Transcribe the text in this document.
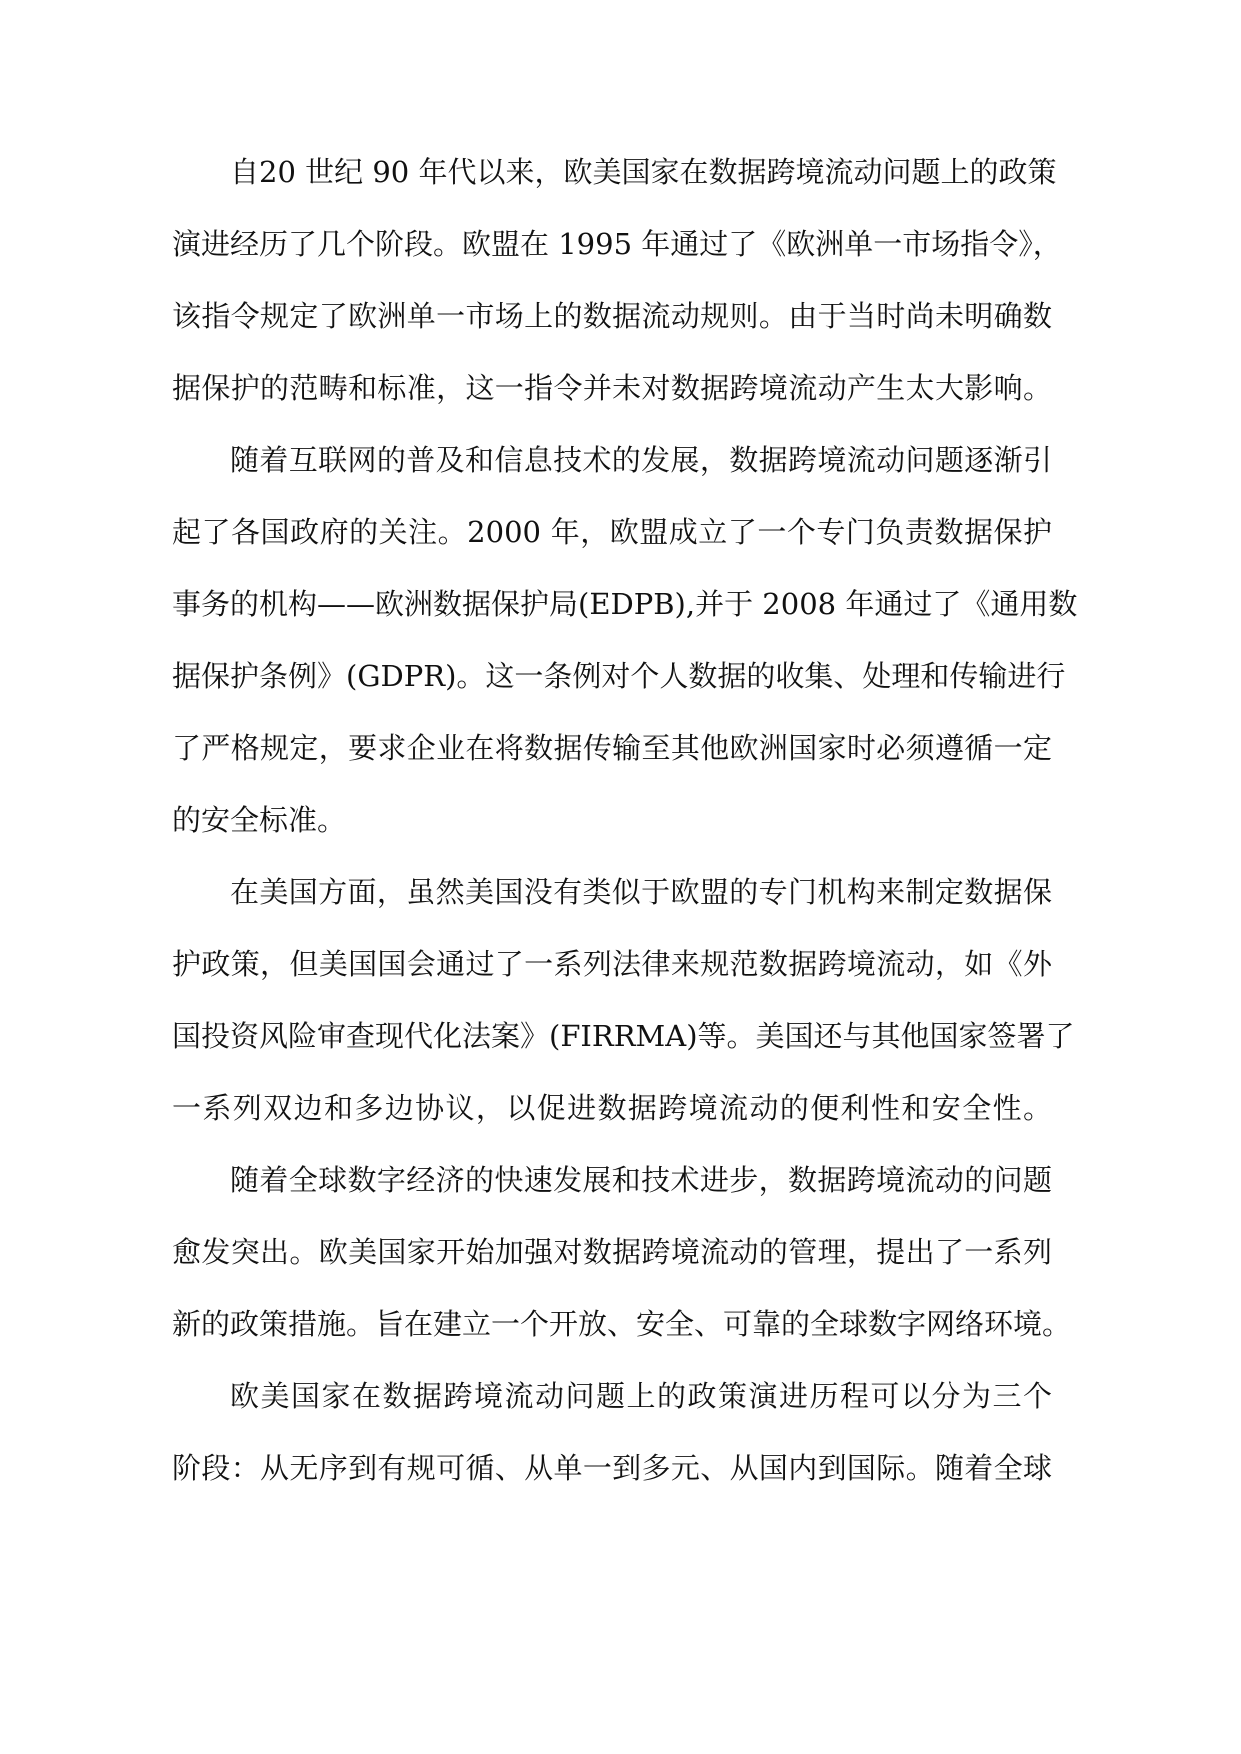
自20 世纪 90 年代以来，欧美国家在数据跨境流动问题上的政策
演进经历了几个阶段。欧盟在 1995 年通过了《欧洲单一市场指令》，
该指令规定了欧洲单一市场上的数据流动规则。由于当时尚未明确数
据保护的范畴和标准，这一指令并未对数据跨境流动产生太大影响。
随着互联网的普及和信息技术的发展，数据跨境流动问题逐渐引
起了各国政府的关注。2000 年，欧盟成立了一个专门负责数据保护
事务的机构——欧洲数据保护局(EDPB),并于 2008 年通过了《通用数
据保护条例》(GDPR)。这一条例对个人数据的收集、处理和传输进行
了严格规定，要求企业在将数据传输至其他欧洲国家时必须遵循一定
的安全标准。
在美国方面，虽然美国没有类似于欧盟的专门机构来制定数据保
护政策，但美国国会通过了一系列法律来规范数据跨境流动，如《外
国投资风险审查现代化法案》(FIRRMA)等。美国还与其他国家签署了
一系列双边和多边协议，以促进数据跨境流动的便利性和安全性。
随着全球数字经济的快速发展和技术进步，数据跨境流动的问题
愈发突出。欧美国家开始加强对数据跨境流动的管理，提出了一系列
新的政策措施。旨在建立一个开放、安全、可靠的全球数字网络环境。
欧美国家在数据跨境流动问题上的政策演进历程可以分为三个
阶段：从无序到有规可循、从单一到多元、从国内到国际。随着全球
